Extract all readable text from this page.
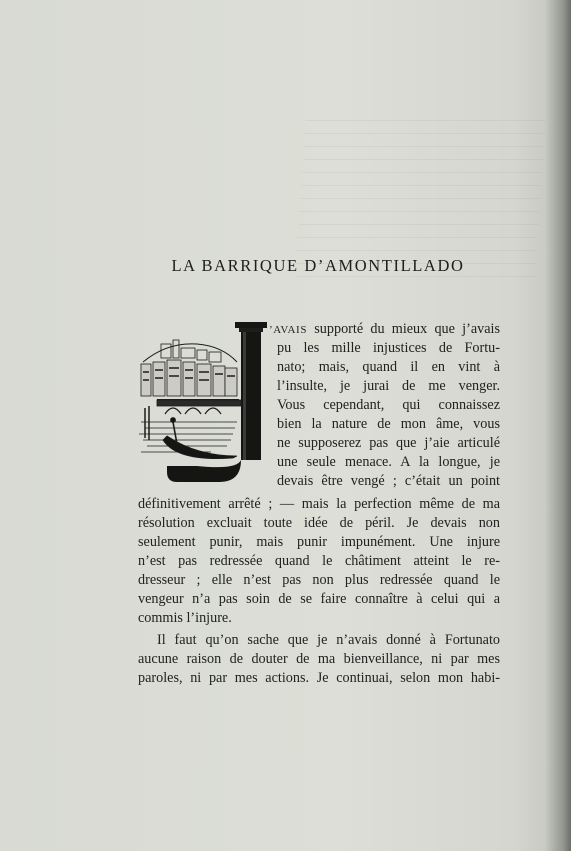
LA BARRIQUE D’AMONTILLADO
’AVAIS supporté du mieux que j’avais
pu les mille injustices de Fortu-
nato; mais, quand il en vint à
l’insulte, je jurai de me venger.
Vous cependant, qui connaissez
bien la nature de mon âme, vous
ne supposerez pas que j’aie articulé
une seule menace. A la longue, je
devais être vengé ; c’était un point
définitivement arrêté ; — mais la perfection même de ma
résolution excluait toute idée de péril. Je devais non
seulement punir, mais punir impunément. Une injure
n’est pas redressée quand le châtiment atteint le re-
dresseur ; elle n’est pas non plus redressée quand le
vengeur n’a pas soin de se faire connaître à celui qui a
commis l’injure.
Il faut qu’on sache que je n’avais donné à Fortunato
aucune raison de douter de ma bienveillance, ni par mes
paroles, ni par mes actions. Je continuai, selon mon habi-
